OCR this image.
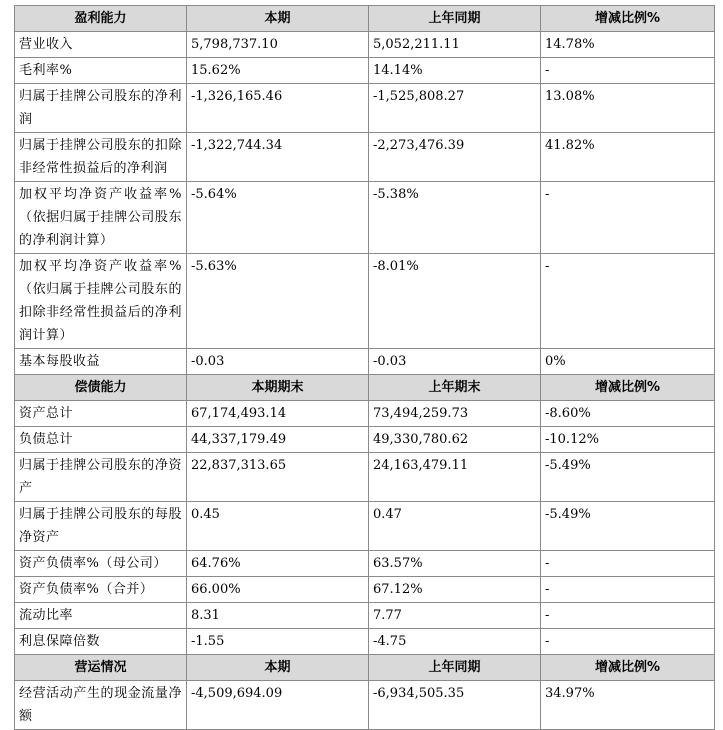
盈利能力	本期	上年同期	增减比例%
营业收入	5,798,737.10	5,052,211.11	14.78%
毛利率%	15.62%	14.14%	-
归属于挂牌公司股东的净利润	-1,326,165.46	-1,525,808.27	13.08%
归属于挂牌公司股东的扣除非经常性损益后的净利润	-1,322,744.34	-2,273,476.39	41.82%
加权平均净资产收益率%（依据归属于挂牌公司股东的净利润计算）	-5.64%	-5.38%	-
加权平均净资产收益率%（依归属于挂牌公司股东的扣除非经常性损益后的净利润计算）	-5.63%	-8.01%	-
基本每股收益	-0.03	-0.03	0%
偿债能力	本期期末	上年期末	增减比例%
资产总计	67,174,493.14	73,494,259.73	-8.60%
负债总计	44,337,179.49	49,330,780.62	-10.12%
归属于挂牌公司股东的净资产	22,837,313.65	24,163,479.11	-5.49%
归属于挂牌公司股东的每股净资产	0.45	0.47	-5.49%
资产负债率%（母公司）	64.76%	63.57%	-
资产负债率%（合并）	66.00%	67.12%	-
流动比率	8.31	7.77	-
利息保障倍数	-1.55	-4.75	-
营运情况	本期	上年同期	增减比例%
经营活动产生的现金流量净额	-4,509,694.09	-6,934,505.35	34.97%
